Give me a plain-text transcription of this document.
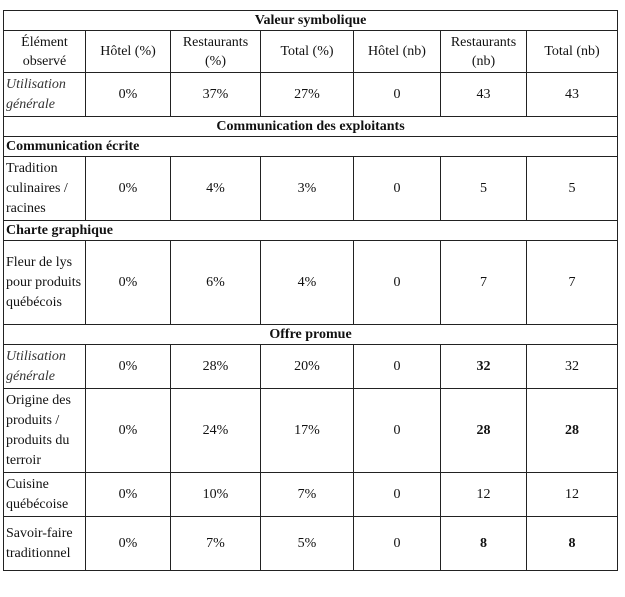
Valeur symbolique						
Élément observé	Hôtel (%)	Restaurants (%)	Total (%)	Hôtel (nb)	Restaurants (nb)	Total (nb)
Utilisation générale	0%	37%	27%	0	43	43
Communication des exploitants						
Communication écrite						
Tradition culinaires / racines	0%	4%	3%	0	5	5
Charte graphique						
Fleur de lys pour produits québécois	0%	6%	4%	0	7	7
Offre promue						
Utilisation générale	0%	28%	20%	0	32	32
Origine des produits / produits du terroir	0%	24%	17%	0	28	28
Cuisine québécoise	0%	10%	7%	0	12	12
Savoir-faire traditionnel	0%	7%	5%	0	8	8
